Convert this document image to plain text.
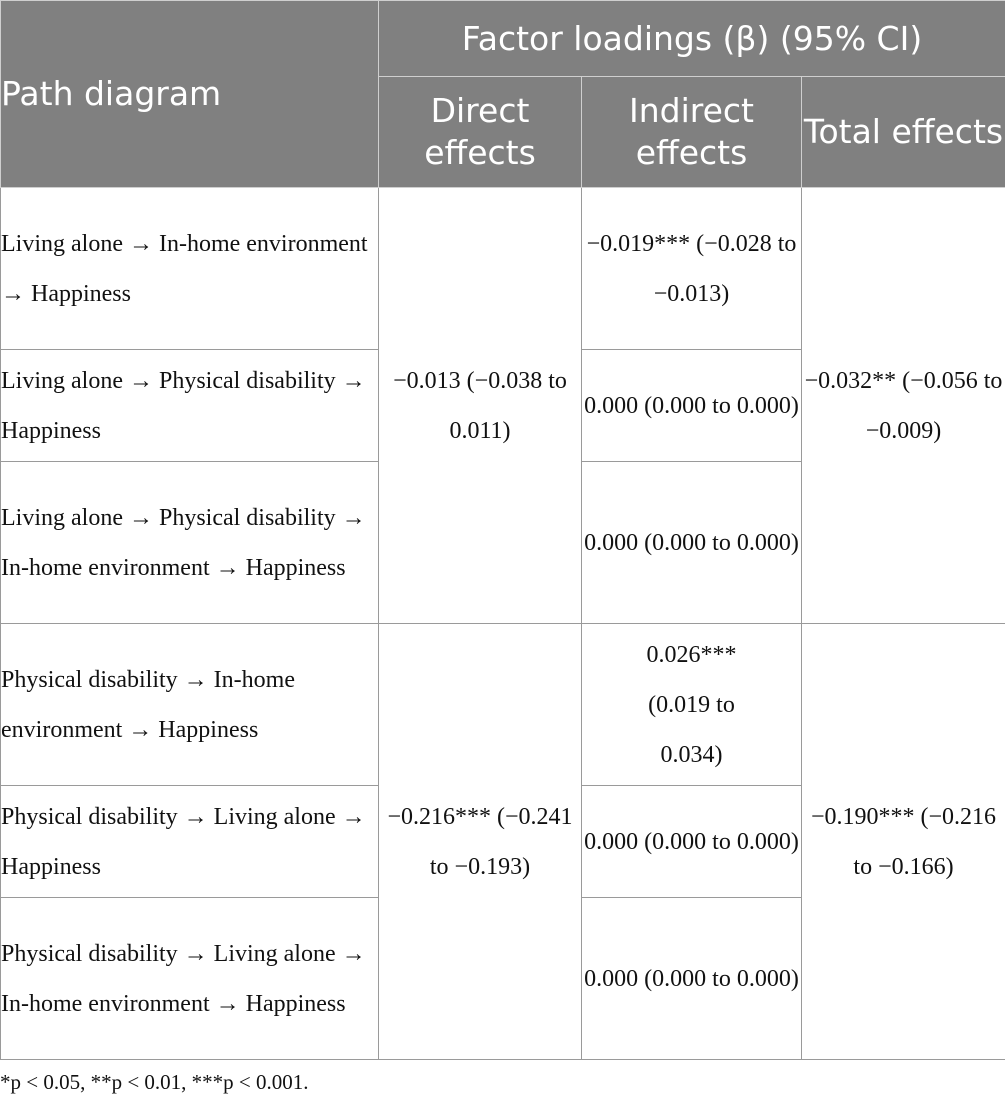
Path diagram	Factor loadings (β) (95% CI)		
	Direct effects	Indirect effects	Total effects
Living alone → In-home environment → Happiness	−0.013 (−0.038 to 0.011)	−0.019*** (−0.028 to −0.013)	−0.032** (−0.056 to −0.009)
Living alone → Physical disability → Happiness		0.000 (0.000 to 0.000)	
Living alone → Physical disability → In-home environment → Happiness		0.000 (0.000 to 0.000)	
Physical disability → In-home environment → Happiness	−0.216*** (−0.241 to −0.193)	0.026*** (0.019 to 0.034)	−0.190*** (−0.216 to −0.166)
Physical disability → Living alone → Happiness		0.000 (0.000 to 0.000)	
Physical disability → Living alone → In-home environment → Happiness		0.000 (0.000 to 0.000)	
*p < 0.05, **p < 0.01, ***p < 0.001.
